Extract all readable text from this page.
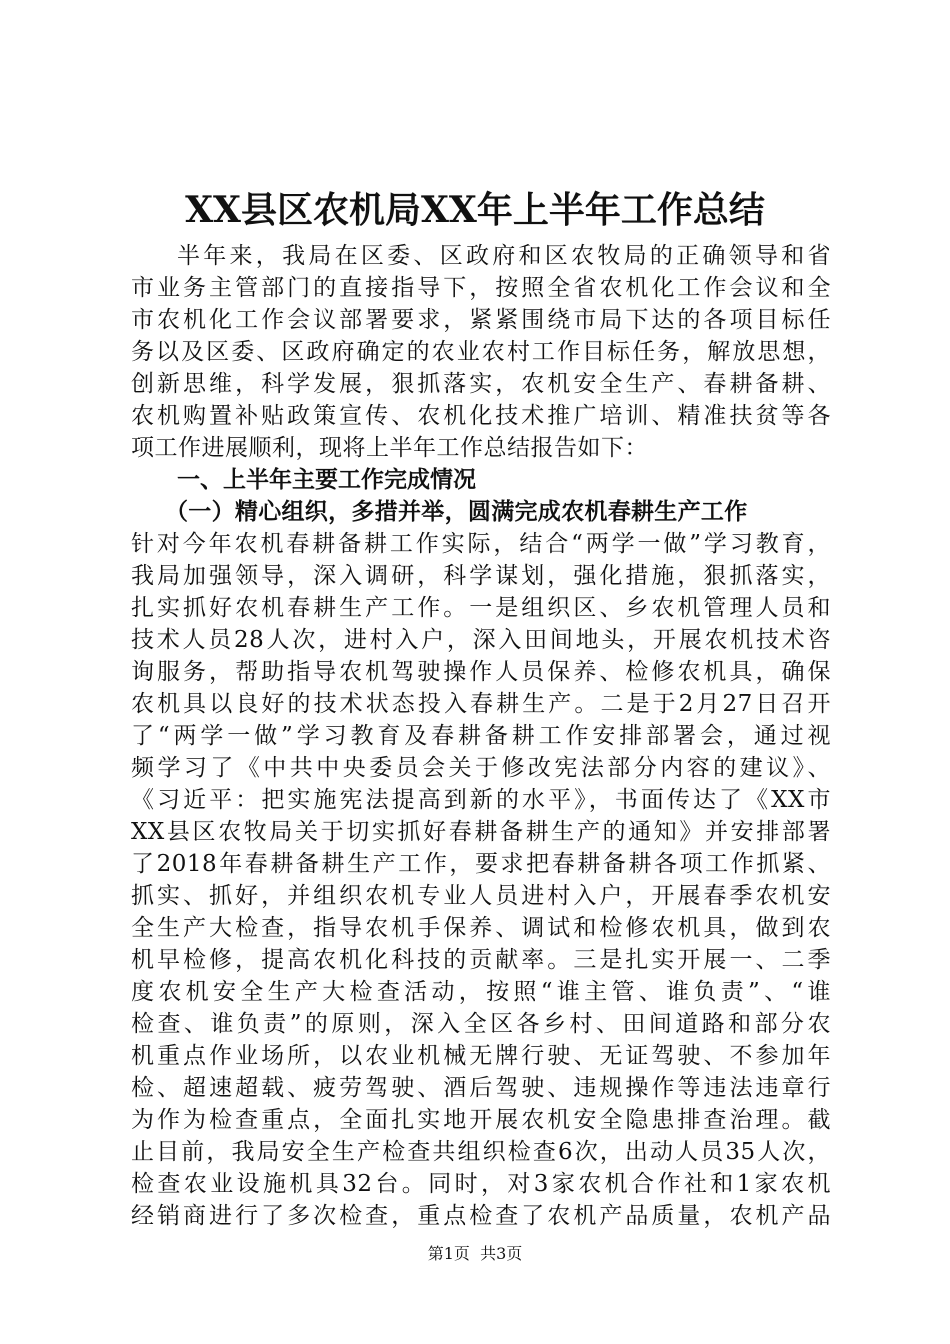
XX县区农机局XX年上半年工作总结
半年来，我局在区委、区政府和区农牧局的正确领导和省
市业务主管部门的直接指导下，按照全省农机化工作会议和全
市农机化工作会议部署要求，紧紧围绕市局下达的各项目标任
务以及区委、区政府确定的农业农村工作目标任务，解放思想，
创新思维，科学发展，狠抓落实，农机安全生产、春耕备耕、
农机购置补贴政策宣传、农机化技术推广培训、精准扶贫等各
项工作进展顺利，现将上半年工作总结报告如下：
一、上半年主要工作完成情况
（一）精心组织，多措并举，圆满完成农机春耕生产工作
针对今年农机春耕备耕工作实际，结合“两学一做”学习教育，
我局加强领导，深入调研，科学谋划，强化措施，狠抓落实，
扎实抓好农机春耕生产工作。一是组织区、乡农机管理人员和
技术人员28人次，进村入户，深入田间地头，开展农机技术咨
询服务，帮助指导农机驾驶操作人员保养、检修农机具，确保
农机具以良好的技术状态投入春耕生产。二是于2月27日召开
了“两学一做”学习教育及春耕备耕工作安排部署会，通过视
频学习了《中共中央委员会关于修改宪法部分内容的建议》、
《习近平：把实施宪法提高到新的水平》，书面传达了《XX市
XX县区农牧局关于切实抓好春耕备耕生产的通知》并安排部署
了2018年春耕备耕生产工作，要求把春耕备耕各项工作抓紧、
抓实、抓好，并组织农机专业人员进村入户，开展春季农机安
全生产大检查，指导农机手保养、调试和检修农机具，做到农
机早检修，提高农机化科技的贡献率。三是扎实开展一、二季
度农机安全生产大检查活动，按照“谁主管、谁负责”、“谁
检查、谁负责”的原则，深入全区各乡村、田间道路和部分农
机重点作业场所，以农业机械无牌行驶、无证驾驶、不参加年
检、超速超载、疲劳驾驶、酒后驾驶、违规操作等违法违章行
为作为检查重点，全面扎实地开展农机安全隐患排查治理。截
止目前，我局安全生产检查共组织检查6次，出动人员35人次，
检查农业设施机具32台。同时，对3家农机合作社和1家农机
经销商进行了多次检查，重点检查了农机产品质量，农机产品
第1页  共3页
